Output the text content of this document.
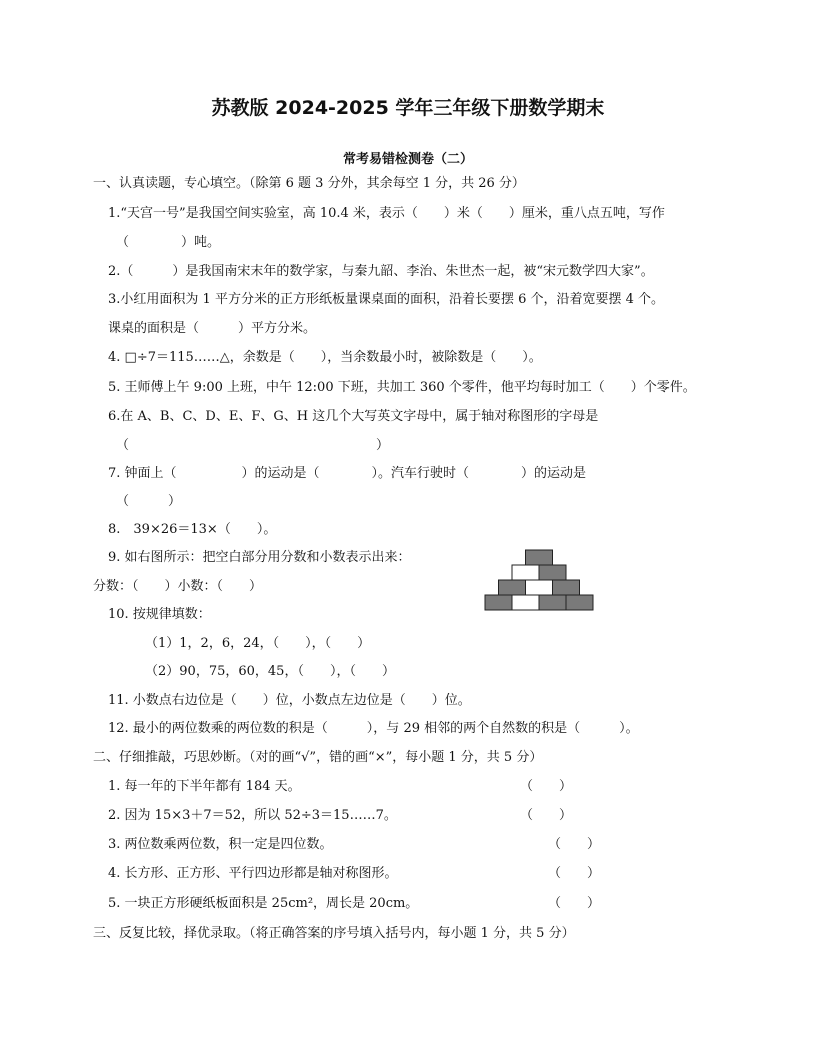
苏教版 2024-2025 学年三年级下册数学期末
常考易错检测卷（二）
一、认真读题，专心填空。（除第 6 题 3 分外，其余每空 1 分，共 26 分）
1.“天宫一号”是我国空间实验室，高 10.4 米，表示（　　）米（　　）厘米，重八点五吨，写作
（　　　　）吨。
2.（　　　）是我国南宋末年的数学家，与秦九韶、李治、朱世杰一起，被“宋元数学四大家”。
3.小红用面积为 1 平方分米的正方形纸板量课桌面的面积，沿着长要摆 6 个，沿着宽要摆 4 个。
课桌的面积是（　　　）平方分米。
4. □÷7＝115……△，余数是（　　），当余数最小时，被除数是（　　）。
5. 王师傅上午 9:00 上班，中午 12:00 下班，共加工 360 个零件，他平均每时加工（　　）个零件。
6.在 A、B、C、D、E、F、G、H 这几个大写英文字母中，属于轴对称图形的字母是
（　　　　　　　　　　　　　　　　　　　）
7. 钟面上（　　　　　）的运动是（　　　　）。汽车行驶时（　　　　）的运动是
（　　　）
8.　39×26＝13×（　　）。
9. 如右图所示：把空白部分用分数和小数表示出来：
分数：（　　）小数：（　　）
10. 按规律填数：
（1）1，2，6，24，（　　），（　　）
（2）90，75，60，45，（　　），（　　）
11. 小数点右边位是（　　）位，小数点左边位是（　　）位。
12. 最小的两位数乘的两位数的积是（　　　），与 29 相邻的两个自然数的积是（　　　）。
二、仔细推敲，巧思妙断。（对的画“√”，错的画“×”，每小题 1 分，共 5 分）
1. 每一年的下半年都有 184 天。	（　　）
2. 因为 15×3＋7＝52，所以 52÷3＝15……7。	（　　）
3. 两位数乘两位数，积一定是四位数。	（　　）
4. 长方形、正方形、平行四边形都是轴对称图形。	（　　）
5. 一块正方形硬纸板面积是 25cm²，周长是 20cm。	（　　）
三、反复比较，择优录取。（将正确答案的序号填入括号内，每小题 1 分，共 5 分）
